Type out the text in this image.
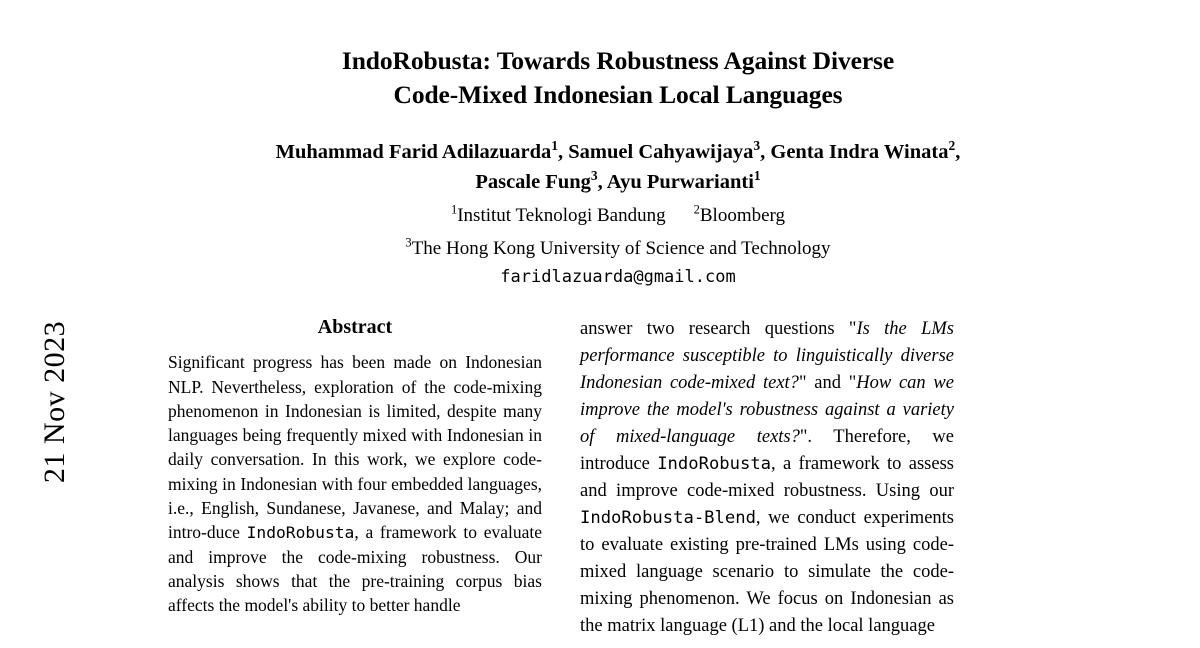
21 Nov 2023
IndoRobusta: Towards Robustness Against Diverse
Code-Mixed Indonesian Local Languages
Muhammad Farid Adilazuarda$^1$, Samuel Cahyawijaya$^3$, Genta Indra Winata$^2$,
Pascale Fung$^3$, Ayu Purwarianti$^1$
$^1$Institut Teknologi Bandung $^2$Bloomberg
$^3$The Hong Kong University of Science and Technology
faridlazuarda@gmail.com
Abstract

Significant progress has been made on Indonesian NLP. Nevertheless, exploration of the code-mixing phenomenon in Indonesian is limited, despite many languages being frequently mixed with Indonesian in daily conversation. In this work, we explore code-mixing in Indonesian with four embedded languages, i.e., English, Sundanese, Javanese, and Malay; and intro-duce IndoRobusta, a framework to evaluate and improve the code-mixing robustness. Our analysis shows that the pre-training corpus bias affects the model's ability to better handle

answer two research questions "Is the LMs performance susceptible to linguistically diverse Indonesian code-mixed text?" and "How can we improve the model's robustness against a variety of mixed-language texts?". Therefore, we introduce IndoRobusta, a framework to assess and improve code-mixed robustness. Using our IndoRobusta-Blend, we conduct experiments to evaluate existing pre-trained LMs using code-mixed language scenario to simulate the code-mixing phenomenon. We focus on Indonesian as the matrix language (L1) and the local language
